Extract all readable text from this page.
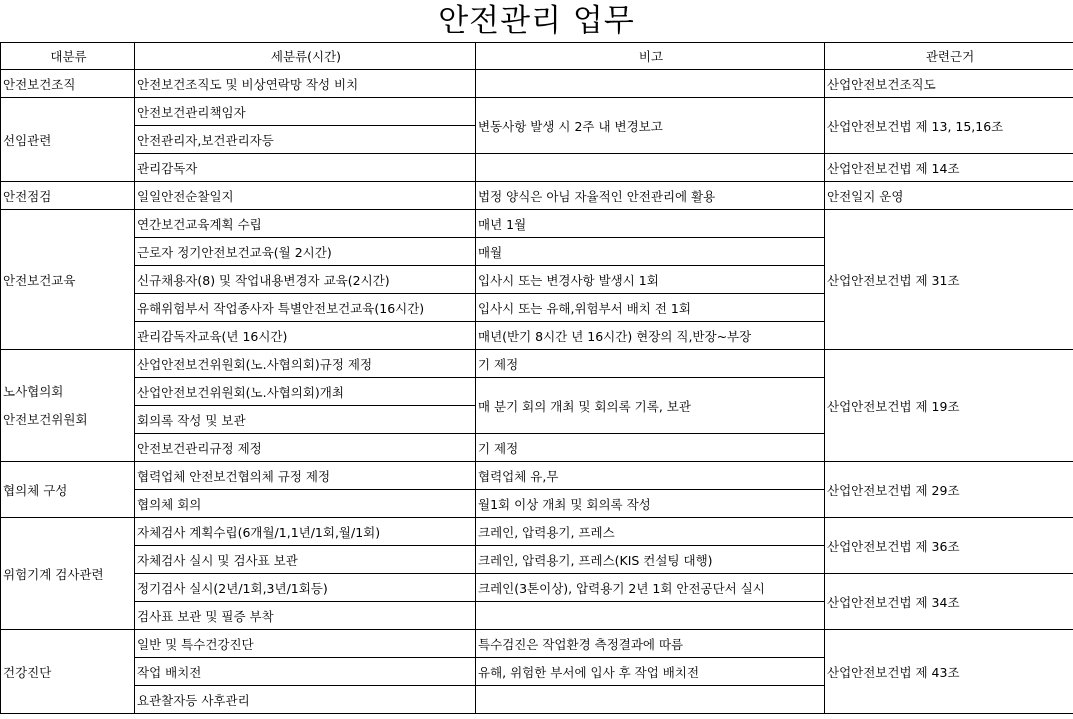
안전관리 업무
대분류	세분류(시간)	비고	관련근거
안전보건조직	안전보건조직도 및 비상연락망 작성 비치		산업안전보건조직도
선임관련	안전보건관리책임자	변동사항 발생 시 2주 내 변경보고	산업안전보건법 제 13, 15,16조
	안전관리자,보건관리자등		
	관리감독자		산업안전보건법 제 14조
안전점검	일일안전순찰일지	법정 양식은 아님 자율적인 안전관리에 활용	안전일지 운영
안전보건교육	연간보건교육계획 수립	매년 1월	산업안전보건법 제 31조
	근로자 정기안전보건교육(월 2시간)	매월	
	신규채용자(8) 및 작업내용변경자 교육(2시간)	입사시 또는 변경사항 발생시 1회	
	유해위험부서 작업종사자 특별안전보건교육(16시간)	입사시 또는 유해,위험부서 배치 전 1회	
	관리감독자교육(년 16시간)	매년(반기 8시간 년 16시간) 현장의 직,반장~부장	

노사협의회
안전보건위원회	산업안전보건위원회(노.사협의회)규정 제정	기 제정	산업안전보건법 제 19조
	산업안전보건위원회(노.사협의회)개최	매 분기 회의 개최 및 회의록 기록, 보관	
	회의록 작성 및 보관		
	안전보건관리규정 제정	기 제정	
협의체 구성	협력업체 안전보건협의체 규정 제정	협력업체 유,무	산업안전보건법 제 29조
	협의체 회의	월1회 이상 개최 및 회의록 작성	
위험기계 검사관련	자체검사 계획수립(6개월/1,1년/1회,월/1회)	크레인, 압력용기, 프레스	산업안전보건법 제 36조
	자체검사 실시 및 검사표 보관	크레인, 압력용기, 프레스(KIS 컨설팅 대행)	
	정기검사 실시(2년/1회,3년/1회등)	크레인(3톤이상), 압력용기 2년 1회 안전공단서 실시	산업안전보건법 제 34조
	검사표 보관 및 필증 부착		
건강진단	일반 및 특수건강진단	특수검진은 작업환경 측정결과에 따름	산업안전보건법 제 43조
	작업 배치전	유해, 위험한 부서에 입사 후 작업 배치전	
	요관찰자등 사후관리		
